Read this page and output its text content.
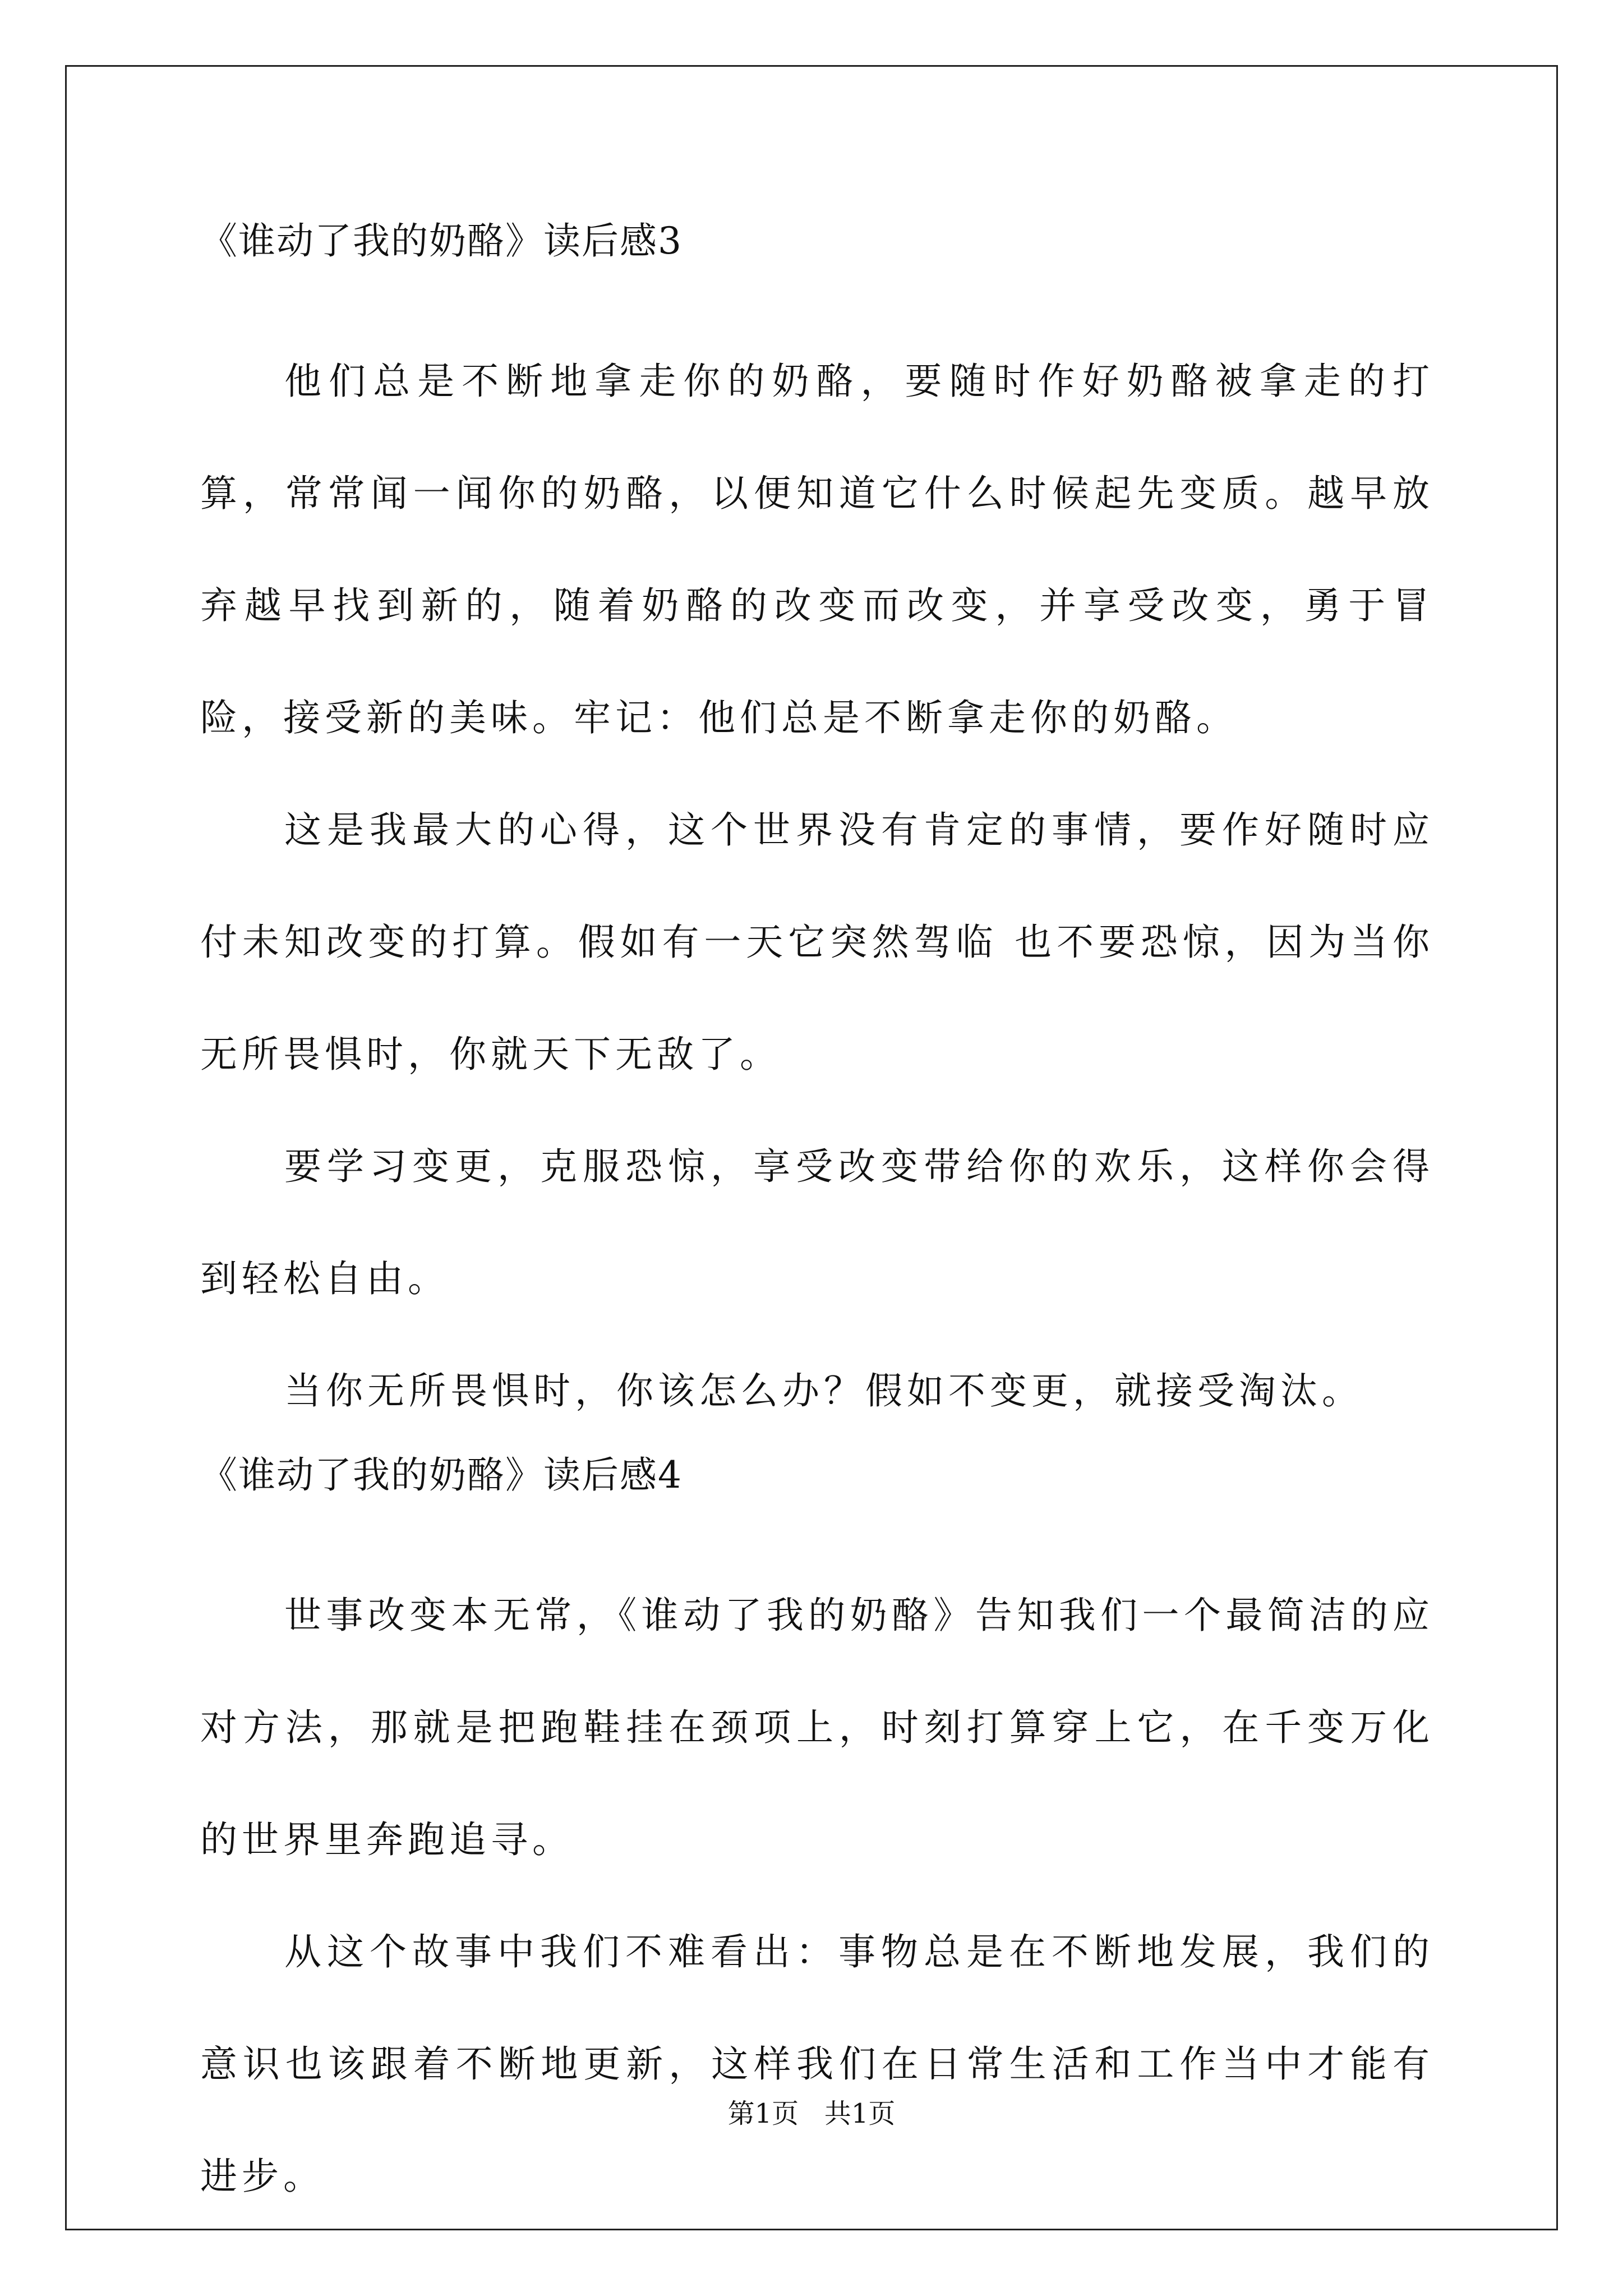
《谁动了我的奶酪》读后感3

他们总是不断地拿走你的奶酪，要随时作好奶酪被拿走的打算，常常闻一闻你的奶酪，以便知道它什么时候起先变质。越早放弃越早找到新的，随着奶酪的改变而改变，并享受改变，勇于冒险，接受新的美味。牢记：他们总是不断拿走你的奶酪。

这是我最大的心得，这个世界没有肯定的事情，要作好随时应付未知改变的打算。假如有一天它突然驾临 也不要恐惊，因为当你无所畏惧时，你就天下无敌了。

要学习变更，克服恐惊，享受改变带给你的欢乐，这样你会得到轻松自由。

当你无所畏惧时，你该怎么办？假如不变更，就接受淘汰。

《谁动了我的奶酪》读后感4

世事改变本无常，《谁动了我的奶酪》告知我们一个最简洁的应对方法，那就是把跑鞋挂在颈项上，时刻打算穿上它，在千变万化的世界里奔跑追寻。

从这个故事中我们不难看出：事物总是在不断地发展，我们的意识也该跟着不断地更新，这样我们在日常生活和工作当中才能有进步。

第1页   共1页
